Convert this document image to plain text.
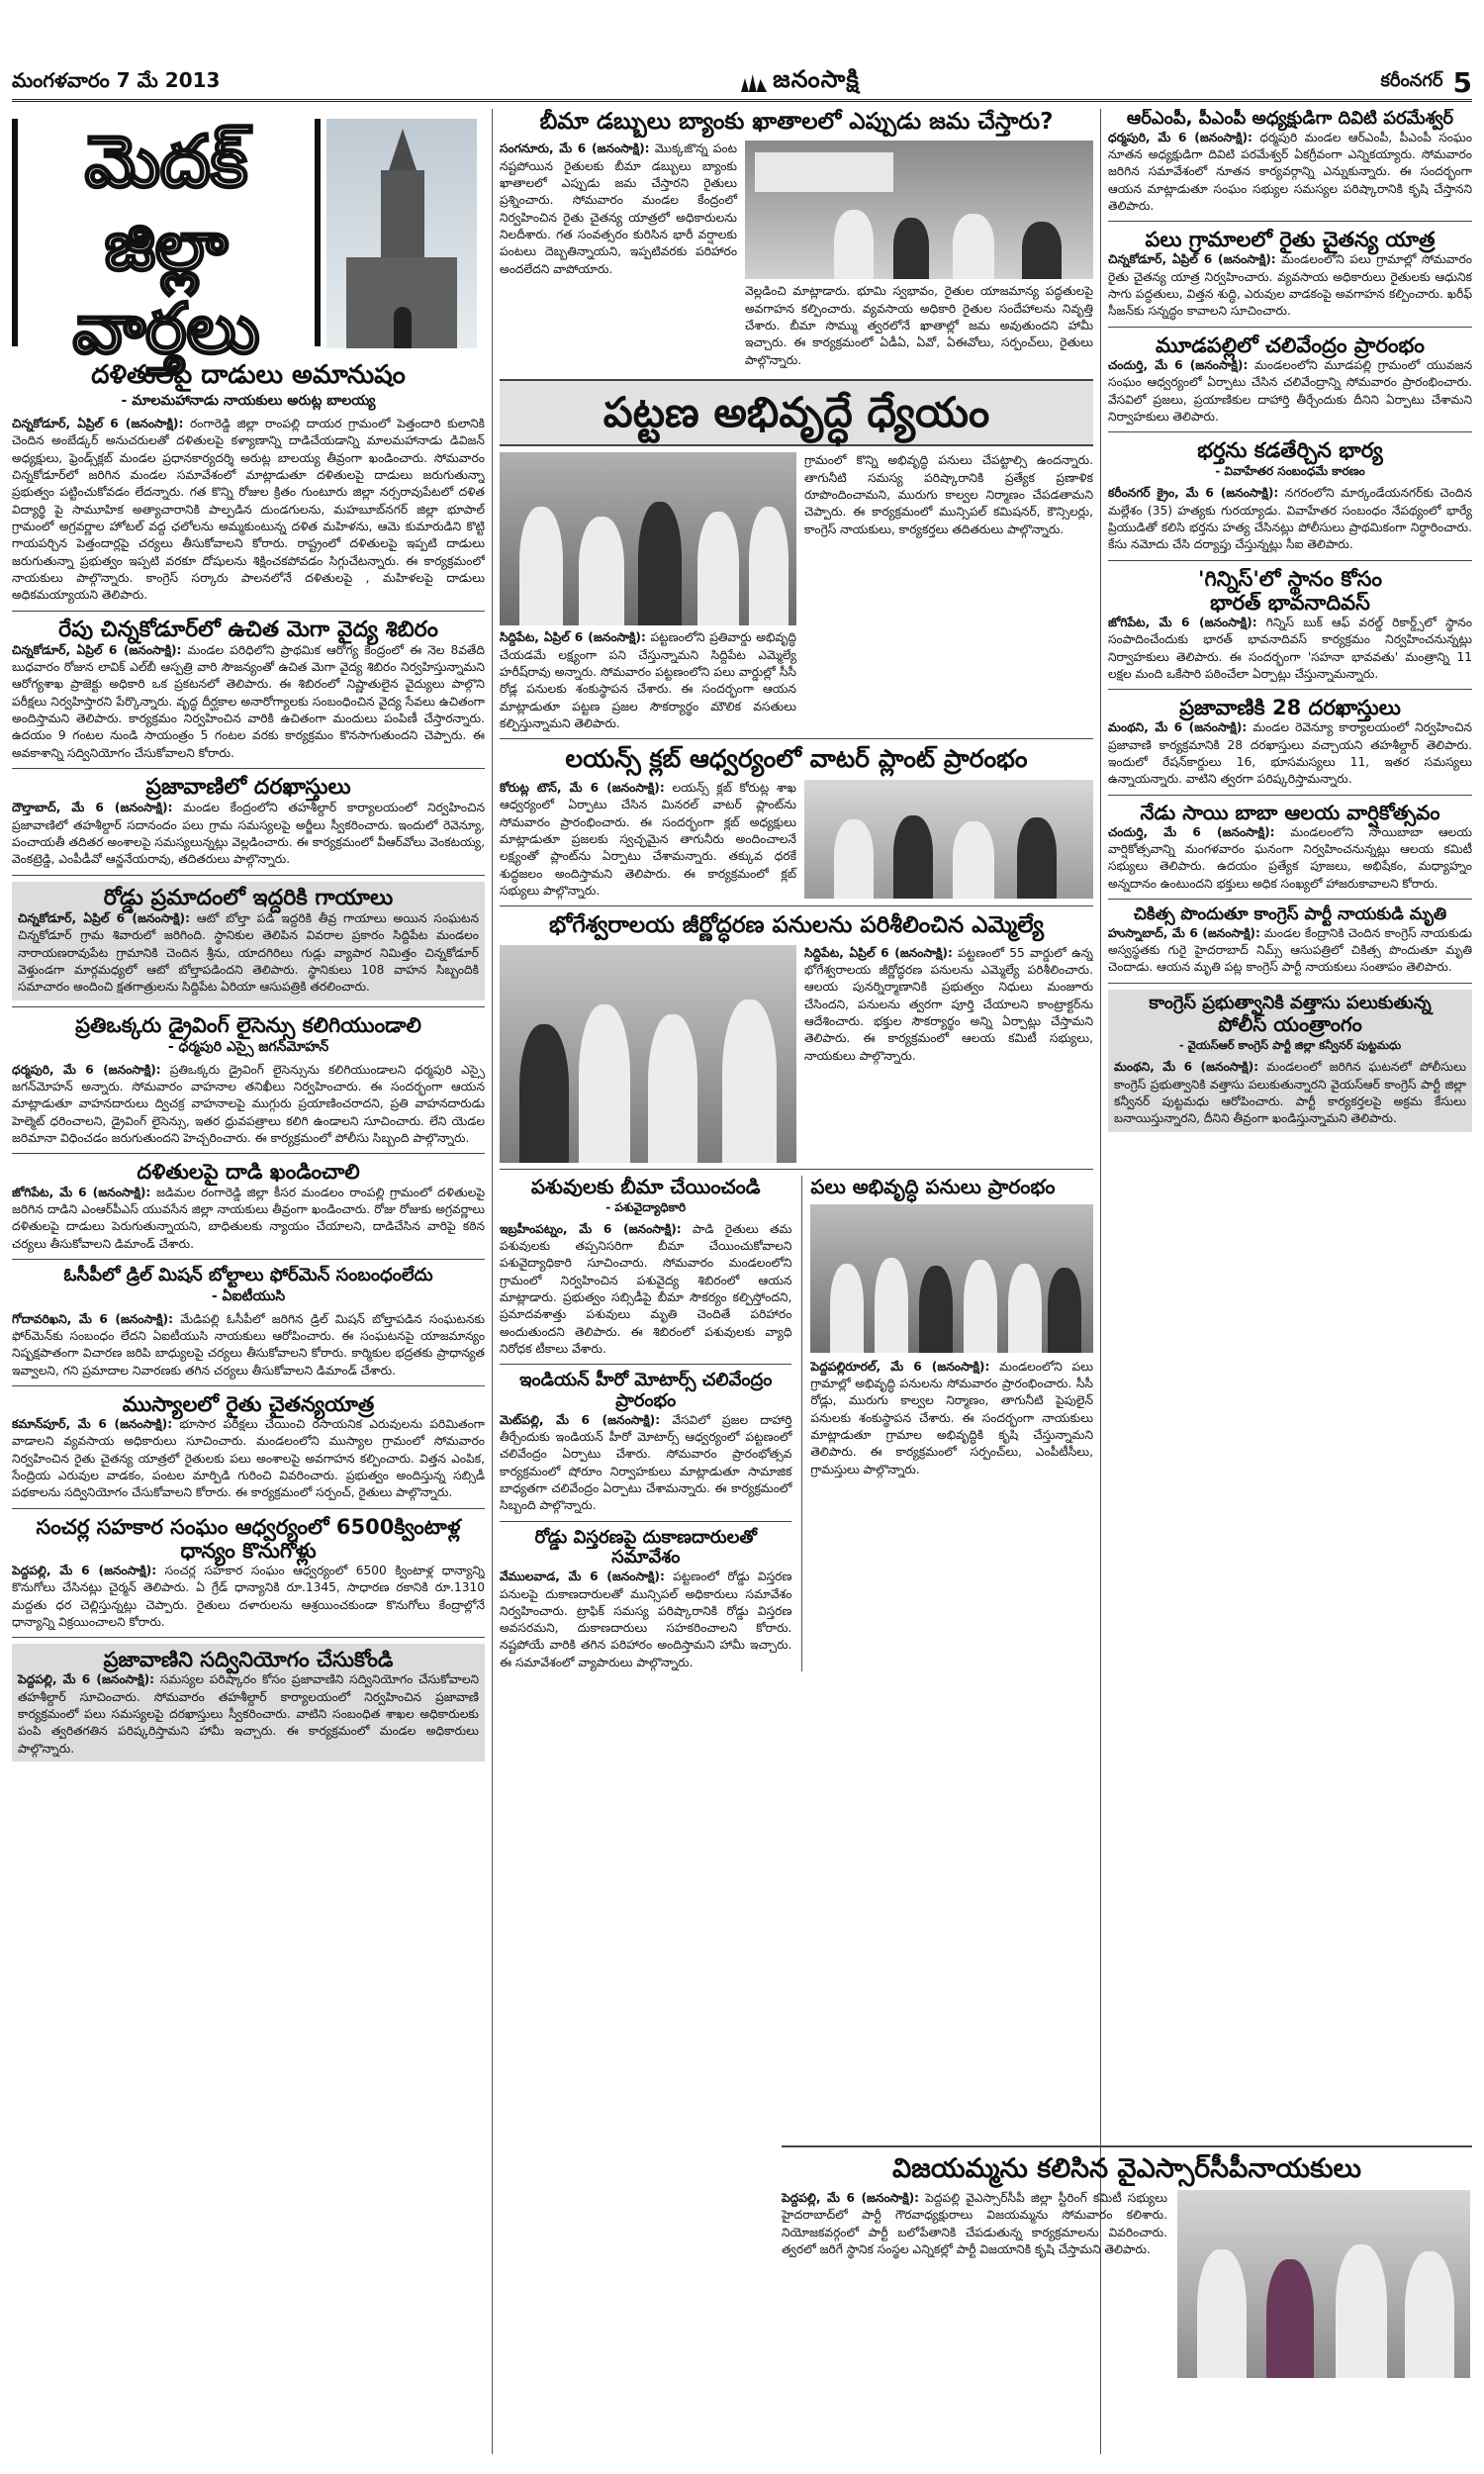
మంగళవారం 7 మే 2013	జనంసాక్షి	కరీంనగర్ 5
మెదక్
జిల్లా వార్తలు

దళితులపై దాడులు అమానుషం

- మాలమహానాడు నాయకులు అరుట్ల బాలయ్య

చిన్నకోడూర్‌, ఏప్రిల్‌ 6 (జనంసాక్షి): రంగారెడ్డి జిల్లా రాంపల్లి దాయర గ్రామంలో పెత్తందారి కులానికి చెందిన అంబేడ్కర్‌ అనుచరులతో దళితులపై కళ్యాణాన్ని దాడిచేయడాన్ని మాలమహానాడు డివిజన్‌ అధ్యక్షులు, ఫ్రెండ్స్‌క్లబ్‌ మండల ప్రధానకార్యదర్శి అరుట్ల బాలయ్య తీవ్రంగా ఖండించారు. సోమవారం చిన్నకోడూర్‌లో జరిగిన మండల సమావేశంలో మాట్లాడుతూ దళితులపై దాడులు జరుగుతున్నా ప్రభుత్వం పట్టించుకోవడం లేదన్నారు. గత కొన్ని రోజుల క్రితం గుంటూరు జిల్లా నర్సరావుపేటలో దళిత విద్యార్థి పై సామూహిక అత్యాచారానికి పాల్పడిన దుండగులను, మహబూబ్‌నగర్‌ జిల్లా భూపాల్‌ గ్రామంలో అగ్రవర్ణాల హోటల్‌ వద్ద ఛలోలను అమ్మకుంటున్న దళిత మహిళను, ఆమె కుమారుడిని కొట్టి గాయపర్చిన పెత్తందార్లపై చర్యలు తీసుకోవాలని కోరారు. రాష్ట్రంలో దళితులపై ఇప్పటి దాడులు జరుగుతున్నా ప్రభుత్వం ఇప్పటి వరకూ దోషులను శిక్షించకపోవడం సిగ్గుచేటన్నారు. ఈ కార్యక్రమంలో నాయకులు పాల్గొన్నారు. కాంగ్రెస్‌ సర్కారు పాలనలోనే దళితులపై , మహిళలపై దాడులు అధికమయ్యాయని తెలిపారు.

రేపు చిన్నకోడూర్‌లో ఉచిత మెగా వైద్య శిబిరం

చిన్నకోడూర్‌, ఏప్రిల్‌ 6 (జనంసాక్షి): మండల పరిధిలోని ప్రాథమిక ఆరోగ్య కేంద్రంలో ఈ నెల 8వతేది బుధవారం రోజున లావిక్‌ ఎల్‌బీ ఆస్పత్రి వారి సౌజన్యంతో ఉచిత మెగా వైద్య శిబిరం నిర్వహిస్తున్నామని ఆరోగ్యశాఖ ప్రాజెక్టు అధికారి ఒక ప్రకటనలో తెలిపారు. ఈ శిబిరంలో నిష్ణాతులైన వైద్యులు పాల్గొని పరీక్షలు నిర్వహిస్తారని పేర్కొన్నారు. వృద్ధ దీర్ఘకాల అనారోగ్యాలకు సంబంధించిన వైద్య సేవలు ఉచితంగా అందిస్తామని తెలిపారు. కార్యక్రమం నిర్వహించిన వారికి ఉచితంగా మందులు పంపిణీ చేస్తారన్నారు. ఉదయం 9 గంటల నుండి సాయంత్రం 5 గంటల వరకు కార్యక్రమం కొనసాగుతుందని చెప్పారు. ఈ అవకాశాన్ని సద్వినియోగం చేసుకోవాలని కోరారు.

ప్రజావాణిలో దరఖాస్తులు

దౌల్తాబాద్‌, మే 6 (జనంసాక్షి): మండల కేంద్రంలోని తహశీల్దార్‌ కార్యాలయంలో నిర్వహించిన ప్రజావాణిలో తహశీల్దార్‌ సదానందం పలు గ్రామ సమస్యలపై అర్జీలు స్వీకరించారు. ఇందులో రెవెన్యూ, పంచాయతీ తదితర అంశాలపై సమస్యలున్నట్లు వెల్లడించారు. ఈ కార్యక్రమంలో వీఆర్‌వోలు వెంకటయ్య, వెంకట్రెడ్డి, ఎంపీడీవో ఆన్జనేయరావు, తదితరులు పాల్గొన్నారు.

రోడ్డు ప్రమాదంలో ఇద్దరికి గాయాలు

చిన్నకోడూర్‌, ఏప్రిల్‌ 6 (జనంసాక్షి): ఆటో బోల్తా పడి ఇద్దరికి తీవ్ర గాయాలు అయిన సంఘటన చిన్నకోడూర్‌ గ్రామ శివారులో జరిగింది. స్థానికుల తెలిపిన వివరాల ప్రకారం సిద్దిపేట మండలం నారాయణరావుపేట గ్రామానికి చెందిన శ్రీను, యాదగిరిలు గుడ్లు వ్యాపార నిమిత్తం చిన్నకోడూర్‌ వెళ్తుండగా మార్గమధ్యలో ఆటో బోల్తాపడిందని తెలిపారు. స్థానికులు 108 వాహన సిబ్బందికి సమాచారం అందించి క్షతగాత్రులను సిద్దిపేట ఏరియా ఆసుపత్రికి తరలించారు.

ప్రతిఒక్కరు డ్రైవింగ్‌ లైసెన్సు కలిగియుండాలి

- ధర్మపురి ఎస్సై జగన్‌మోహన్‌

ధర్మపురి, మే 6 (జనంసాక్షి): ప్రతిఒక్కరు డ్రైవింగ్‌ లైసెన్సును కలిగియుండాలని ధర్మపురి ఎస్సై జగన్‌మోహన్‌ అన్నారు. సోమవారం వాహనాల తనిఖీలు నిర్వహించారు. ఈ సందర్భంగా ఆయన మాట్లాడుతూ వాహనదారులు ద్విచక్ర వాహనాలపై ముగ్గురు ప్రయాణించరాదని, ప్రతి వాహనదారుడు హెల్మెట్‌ ధరించాలని, డ్రైవింగ్‌ లైసెన్సు, ఇతర ధ్రువపత్రాలు కలిగి ఉండాలని సూచించారు. లేని యెడల జరిమానా విధించడం జరుగుతుందని హెచ్చరించారు. ఈ కార్యక్రమంలో పోలీసు సిబ్బంది పాల్గొన్నారు.

దళితులపై దాడి ఖండించాలి

జోగిపేట, మే 6 (జనంసాక్షి): జడిమల రంగారెడ్డి జిల్లా కీసర మండలం రాంపల్లి గ్రామంలో దళితులపై జరిగిన దాడిని ఎంఆర్‌పీఎస్‌ యువసేన జిల్లా నాయకులు తీవ్రంగా ఖండించారు. రోజు రోజుకు అగ్రవర్ణాలు దళితులపై దాడులు పెరుగుతున్నాయని, బాధితులకు న్యాయం చేయాలని, దాడిచేసిన వారిపై కఠిన చర్యలు తీసుకోవాలని డిమాండ్‌ చేశారు.

ఓసీపీలో డ్రిల్‌ మిషన్‌ బోల్టాలు ఫోర్‌మెన్‌ సంబంధంలేదు

- ఏఐటీయుసి

గోదావరిఖని, మే 6 (జనంసాక్షి): మేడిపల్లి ఓసీపీలో జరిగిన డ్రిల్‌ మిషన్‌ బోల్తాపడిన సంఘటనకు ఫోర్‌మెన్‌కు సంబంధం లేదని ఏఐటీయుసి నాయకులు ఆరోపించారు. ఈ సంఘటనపై యాజమాన్యం నిష్పక్షపాతంగా విచారణ జరిపి బాధ్యులపై చర్యలు తీసుకోవాలని కోరారు. కార్మికుల భద్రతకు ప్రాధాన్యత ఇవ్వాలని, గని ప్రమాదాల నివారణకు తగిన చర్యలు తీసుకోవాలని డిమాండ్‌ చేశారు.

ముస్యాలలో రైతు చైతన్యయాత్ర

కమాన్‌పూర్‌, మే 6 (జనంసాక్షి): భూసార పరీక్షలు చేయించి రసాయనిక ఎరువులను పరిమితంగా వాడాలని వ్యవసాయ అధికారులు సూచించారు. మండలంలోని ముస్యాల గ్రామంలో సోమవారం నిర్వహించిన రైతు చైతన్య యాత్రలో రైతులకు పలు అంశాలపై అవగాహన కల్పించారు. విత్తన ఎంపిక, సేంద్రియ ఎరువుల వాడకం, పంటల మార్పిడి గురించి వివరించారు. ప్రభుత్వం అందిస్తున్న సబ్సిడీ పథకాలను సద్వినియోగం చేసుకోవాలని కోరారు. ఈ కార్యక్రమంలో సర్పంచ్‌, రైతులు పాల్గొన్నారు.

సంచర్ల సహకార సంఘం ఆధ్వర్యంలో 6500క్వింటాళ్ల ధాన్యం కొనుగోళ్లు

పెద్దపల్లి, మే 6 (జనంసాక్షి): సంచర్ల సహకార సంఘం ఆధ్వర్యంలో 6500 క్వింటాళ్ల ధాన్యాన్ని కొనుగోలు చేసినట్లు చైర్మన్‌ తెలిపారు. ఏ గ్రేడ్‌ ధాన్యానికి రూ.1345, సాధారణ రకానికి రూ.1310 మద్దతు ధర చెల్లిస్తున్నట్లు చెప్పారు. రైతులు దళారులను ఆశ్రయించకుండా కొనుగోలు కేంద్రాల్లోనే ధాన్యాన్ని విక్రయించాలని కోరారు.

ప్రజావాణిని సద్వినియోగం చేసుకోండి

పెద్దపల్లి, మే 6 (జనంసాక్షి): సమస్యల పరిష్కారం కోసం ప్రజావాణిని సద్వినియోగం చేసుకోవాలని తహశీల్దార్‌ సూచించారు. సోమవారం తహశీల్దార్‌ కార్యాలయంలో నిర్వహించిన ప్రజావాణి కార్యక్రమంలో పలు సమస్యలపై దరఖాస్తులు స్వీకరించారు. వాటిని సంబంధిత శాఖల అధికారులకు పంపి త్వరితగతిన పరిష్కరిస్తామని హామీ ఇచ్చారు. ఈ కార్యక్రమంలో మండల అధికారులు పాల్గొన్నారు.

బీమా డబ్బులు బ్యాంకు ఖాతాలలో ఎప్పుడు జమ చేస్తారు?

సంగనూరు, మే 6 (జనంసాక్షి): మొక్కజొన్న పంట నష్టపోయిన రైతులకు బీమా డబ్బులు బ్యాంకు ఖాతాలలో ఎప్పుడు జమ చేస్తారని రైతులు ప్రశ్నించారు. సోమవారం మండల కేంద్రంలో నిర్వహించిన రైతు చైతన్య యాత్రలో అధికారులను నిలదీశారు. గత సంవత్సరం కురిసిన భారీ వర్షాలకు పంటలు దెబ్బతిన్నాయని, ఇప్పటివరకు పరిహారం అందలేదని వాపోయారు.

వెల్లడించి మాట్లాడారు. భూమి స్వభావం, రైతుల యాజమాన్య పద్ధతులపై అవగాహన కల్పించారు. వ్యవసాయ అధికారి రైతుల సందేహాలను నివృత్తి చేశారు. బీమా సొమ్ము త్వరలోనే ఖాతాల్లో జమ అవుతుందని హామీ ఇచ్చారు. ఈ కార్యక్రమంలో ఏడీఏ, ఏవో, ఏఈవోలు, సర్పంచ్‌లు, రైతులు పాల్గొన్నారు.

పట్టణ అభివృద్ధే ధ్యేయం

సిద్దిపేట, ఏప్రిల్‌ 6 (జనంసాక్షి): పట్టణంలోని ప్రతివార్డు అభివృద్ధి చేయడమే లక్ష్యంగా పని చేస్తున్నామని సిద్దిపేట ఎమ్మెల్యే హరీష్‌రావు అన్నారు. సోమవారం పట్టణంలోని పలు వార్డుల్లో సీసీ రోడ్ల పనులకు శంకుస్థాపన చేశారు. ఈ సందర్భంగా ఆయన మాట్లాడుతూ పట్టణ ప్రజల సౌకర్యార్థం మౌలిక వసతులు కల్పిస్తున్నామని తెలిపారు.

గ్రామంలో కొన్ని అభివృద్ధి పనులు చేపట్టాల్సి ఉందన్నారు. తాగునీటి సమస్య పరిష్కారానికి ప్రత్యేక ప్రణాళిక రూపొందించామని, మురుగు కాల్వల నిర్మాణం చేపడతామని చెప్పారు. ఈ కార్యక్రమంలో మున్సిపల్‌ కమిషనర్‌, కౌన్సిలర్లు, కాంగ్రెస్‌ నాయకులు, కార్యకర్తలు తదితరులు పాల్గొన్నారు.

లయన్స్‌ క్లబ్‌ ఆధ్వర్యంలో వాటర్‌ ప్లాంట్‌ ప్రారంభం

కోరుట్ల టౌన్‌, మే 6 (జనంసాక్షి): లయన్స్‌ క్లబ్‌ కోరుట్ల శాఖ ఆధ్వర్యంలో ఏర్పాటు చేసిన మినరల్‌ వాటర్‌ ప్లాంట్‌ను సోమవారం ప్రారంభించారు. ఈ సందర్భంగా క్లబ్‌ అధ్యక్షులు మాట్లాడుతూ ప్రజలకు స్వచ్ఛమైన తాగునీరు అందించాలనే లక్ష్యంతో ప్లాంట్‌ను ఏర్పాటు చేశామన్నారు. తక్కువ ధరకే శుద్ధజలం అందిస్తామని తెలిపారు. ఈ కార్యక్రమంలో క్లబ్‌ సభ్యులు పాల్గొన్నారు.

భోగేశ్వరాలయ జీర్ణోద్ధరణ పనులను పరిశీలించిన ఎమ్మెల్యే

సిద్దిపేట, ఏప్రిల్‌ 6 (జనంసాక్షి): పట్టణంలో 55 వార్డులో ఉన్న భోగేశ్వరాలయ జీర్ణోద్ధరణ పనులను ఎమ్మెల్యే పరిశీలించారు. ఆలయ పునర్నిర్మాణానికి ప్రభుత్వం నిధులు మంజూరు చేసిందని, పనులను త్వరగా పూర్తి చేయాలని కాంట్రాక్టర్‌ను ఆదేశించారు. భక్తుల సౌకర్యార్థం అన్ని ఏర్పాట్లు చేస్తామని తెలిపారు. ఈ కార్యక్రమంలో ఆలయ కమిటీ సభ్యులు, నాయకులు పాల్గొన్నారు.

పశువులకు బీమా చేయించండి

- పశువైద్యాధికారి

ఇబ్రహీంపట్నం, మే 6 (జనంసాక్షి): పాడి రైతులు తమ పశువులకు తప్పనిసరిగా బీమా చేయించుకోవాలని పశువైద్యాధికారి సూచించారు. సోమవారం మండలంలోని గ్రామంలో నిర్వహించిన పశువైద్య శిబిరంలో ఆయన మాట్లాడారు. ప్రభుత్వం సబ్సిడీపై బీమా సౌకర్యం కల్పిస్తోందని, ప్రమాదవశాత్తు పశువులు మృతి చెందితే పరిహారం అందుతుందని తెలిపారు. ఈ శిబిరంలో పశువులకు వ్యాధి నిరోధక టీకాలు వేశారు.

ఇండియన్‌ హీరో మోటార్స్‌ చలివేంద్రం ప్రారంభం

మెట్‌పల్లి, మే 6 (జనంసాక్షి): వేసవిలో ప్రజల దాహార్తి తీర్చేందుకు ఇండియన్‌ హీరో మోటార్స్‌ ఆధ్వర్యంలో పట్టణంలో చలివేంద్రం ఏర్పాటు చేశారు. సోమవారం ప్రారంభోత్సవ కార్యక్రమంలో షోరూం నిర్వాహకులు మాట్లాడుతూ సామాజిక బాధ్యతగా చలివేంద్రం ఏర్పాటు చేశామన్నారు. ఈ కార్యక్రమంలో సిబ్బంది పాల్గొన్నారు.

రోడ్డు విస్తరణపై దుకాణదారులతో సమావేశం

వేములవాడ, మే 6 (జనంసాక్షి): పట్టణంలో రోడ్డు విస్తరణ పనులపై దుకాణదారులతో మున్సిపల్‌ అధికారులు సమావేశం నిర్వహించారు. ట్రాఫిక్‌ సమస్య పరిష్కారానికి రోడ్డు విస్తరణ అవసరమని, దుకాణదారులు సహకరించాలని కోరారు. నష్టపోయే వారికి తగిన పరిహారం అందిస్తామని హామీ ఇచ్చారు. ఈ సమావేశంలో వ్యాపారులు పాల్గొన్నారు.

పలు అభివృద్ధి పనులు ప్రారంభం

పెద్దపల్లిరూరల్‌, మే 6 (జనంసాక్షి): మండలంలోని పలు గ్రామాల్లో అభివృద్ధి పనులను సోమవారం ప్రారంభించారు. సీసీ రోడ్లు, మురుగు కాల్వల నిర్మాణం, తాగునీటి పైపులైన్‌ పనులకు శంకుస్థాపన చేశారు. ఈ సందర్భంగా నాయకులు మాట్లాడుతూ గ్రామాల అభివృద్ధికి కృషి చేస్తున్నామని తెలిపారు. ఈ కార్యక్రమంలో సర్పంచ్‌లు, ఎంపీటీసీలు, గ్రామస్తులు పాల్గొన్నారు.

ఆర్‌ఎంపీ, పీఎంపీ అధ్యక్షుడిగా దివిటి పరమేశ్వర్‌

ధర్మపురి, మే 6 (జనంసాక్షి): ధర్మపురి మండల ఆర్‌ఎంపీ, పీఎంపీ సంఘం నూతన అధ్యక్షుడిగా దివిటి పరమేశ్వర్‌ ఏకగ్రీవంగా ఎన్నికయ్యారు. సోమవారం జరిగిన సమావేశంలో నూతన కార్యవర్గాన్ని ఎన్నుకున్నారు. ఈ సందర్భంగా ఆయన మాట్లాడుతూ సంఘం సభ్యుల సమస్యల పరిష్కారానికి కృషి చేస్తానని తెలిపారు.

పలు గ్రామాలలో రైతు చైతన్య యాత్ర

చిన్నకోడూర్‌, ఏప్రిల్‌ 6 (జనంసాక్షి): మండలంలోని పలు గ్రామాల్లో సోమవారం రైతు చైతన్య యాత్ర నిర్వహించారు. వ్యవసాయ అధికారులు రైతులకు ఆధునిక సాగు పద్ధతులు, విత్తన శుద్ధి, ఎరువుల వాడకంపై అవగాహన కల్పించారు. ఖరీఫ్‌ సీజన్‌కు సన్నద్ధం కావాలని సూచించారు.

మూడపల్లిలో చలివేంద్రం ప్రారంభం

చందుర్తి, మే 6 (జనంసాక్షి): మండలంలోని మూడపల్లి గ్రామంలో యువజన సంఘం ఆధ్వర్యంలో ఏర్పాటు చేసిన చలివేంద్రాన్ని సోమవారం ప్రారంభించారు. వేసవిలో ప్రజలు, ప్రయాణికుల దాహార్తి తీర్చేందుకు దీనిని ఏర్పాటు చేశామని నిర్వాహకులు తెలిపారు.

భర్తను కడతేర్చిన భార్య

- వివాహేతర సంబంధమే కారణం

కరీంనగర్‌ క్రైం, మే 6 (జనంసాక్షి): నగరంలోని మార్కండేయనగర్‌కు చెందిన మల్లేశం (35) హత్యకు గురయ్యాడు. వివాహేతర సంబంధం నేపథ్యంలో భార్యే ప్రియుడితో కలిసి భర్తను హత్య చేసినట్లు పోలీసులు ప్రాథమికంగా నిర్ధారించారు. కేసు నమోదు చేసి దర్యాప్తు చేస్తున్నట్లు సీఐ తెలిపారు.

'గిన్నిస్‌'లో స్థానం కోసం

భారత్‌ భావనాదివస్‌

జోగిపేట, మే 6 (జనంసాక్షి): గిన్నిస్‌ బుక్‌ ఆఫ్‌ వరల్డ్‌ రికార్డ్స్‌లో స్థానం సంపాదించేందుకు భారత్‌ భావనాదివస్‌ కార్యక్రమం నిర్వహించనున్నట్లు నిర్వాహకులు తెలిపారు. ఈ సందర్భంగా 'సహనా భావవతు' మంత్రాన్ని 11 లక్షల మంది ఒకేసారి పఠించేలా ఏర్పాట్లు చేస్తున్నామన్నారు.

ప్రజావాణికి 28 దరఖాస్తులు

మంథని, మే 6 (జనంసాక్షి): మండల రెవెన్యూ కార్యాలయంలో నిర్వహించిన ప్రజావాణి కార్యక్రమానికి 28 దరఖాస్తులు వచ్చాయని తహశీల్దార్‌ తెలిపారు. ఇందులో రేషన్‌కార్డులు 16, భూసమస్యలు 11, ఇతర సమస్యలు ఉన్నాయన్నారు. వాటిని త్వరగా పరిష్కరిస్తామన్నారు.

నేడు సాయి బాబా ఆలయ వార్షికోత్సవం

చందుర్తి, మే 6 (జనంసాక్షి): మండలంలోని సాయిబాబా ఆలయ వార్షికోత్సవాన్ని మంగళవారం ఘనంగా నిర్వహించనున్నట్లు ఆలయ కమిటీ సభ్యులు తెలిపారు. ఉదయం ప్రత్యేక పూజలు, అభిషేకం, మధ్యాహ్నం అన్నదానం ఉంటుందని భక్తులు అధిక సంఖ్యలో హాజరుకావాలని కోరారు.

చికిత్స పొందుతూ కాంగ్రెస్‌ పార్టీ నాయకుడి మృతి

హుస్నాబాద్‌, మే 6 (జనంసాక్షి): మండల కేంద్రానికి చెందిన కాంగ్రెస్‌ నాయకుడు అస్వస్థతకు గురై హైదరాబాద్‌ నిమ్స్‌ ఆసుపత్రిలో చికిత్స పొందుతూ మృతి చెందాడు. ఆయన మృతి పట్ల కాంగ్రెస్‌ పార్టీ నాయకులు సంతాపం తెలిపారు.

కాంగ్రెస్‌ ప్రభుత్వానికి వత్తాసు పలుకుతున్న

పోలీస్‌ యంత్రాంగం

- వైయస్‌ఆర్‌ కాంగ్రెస్‌ పార్టీ జిల్లా కన్వీనర్‌ పుట్టమధు

మంథని, మే 6 (జనంసాక్షి): మండలంలో జరిగిన ఘటనలో పోలీసులు కాంగ్రెస్‌ ప్రభుత్వానికి వత్తాసు పలుకుతున్నారని వైయస్‌ఆర్‌ కాంగ్రెస్‌ పార్టీ జిల్లా కన్వీనర్‌ పుట్టమధు ఆరోపించారు. పార్టీ కార్యకర్తలపై అక్రమ కేసులు బనాయిస్తున్నారని, దీనిని తీవ్రంగా ఖండిస్తున్నామని తెలిపారు.

విజయమ్మను కలిసిన వైఎస్సార్‌సీపీనాయకులు

పెద్దపల్లి, మే 6 (జనంసాక్షి): పెద్దపల్లి వైఎస్సార్‌సీపీ జిల్లా స్టీరింగ్‌ కమిటీ సభ్యులు హైదరాబాద్‌లో పార్టీ గౌరవాధ్యక్షురాలు విజయమ్మను సోమవారం కలిశారు. నియోజకవర్గంలో పార్టీ బలోపేతానికి చేపడుతున్న కార్యక్రమాలను వివరించారు. త్వరలో జరిగే స్థానిక సంస్థల ఎన్నికల్లో పార్టీ విజయానికి కృషి చేస్తామని తెలిపారు.
